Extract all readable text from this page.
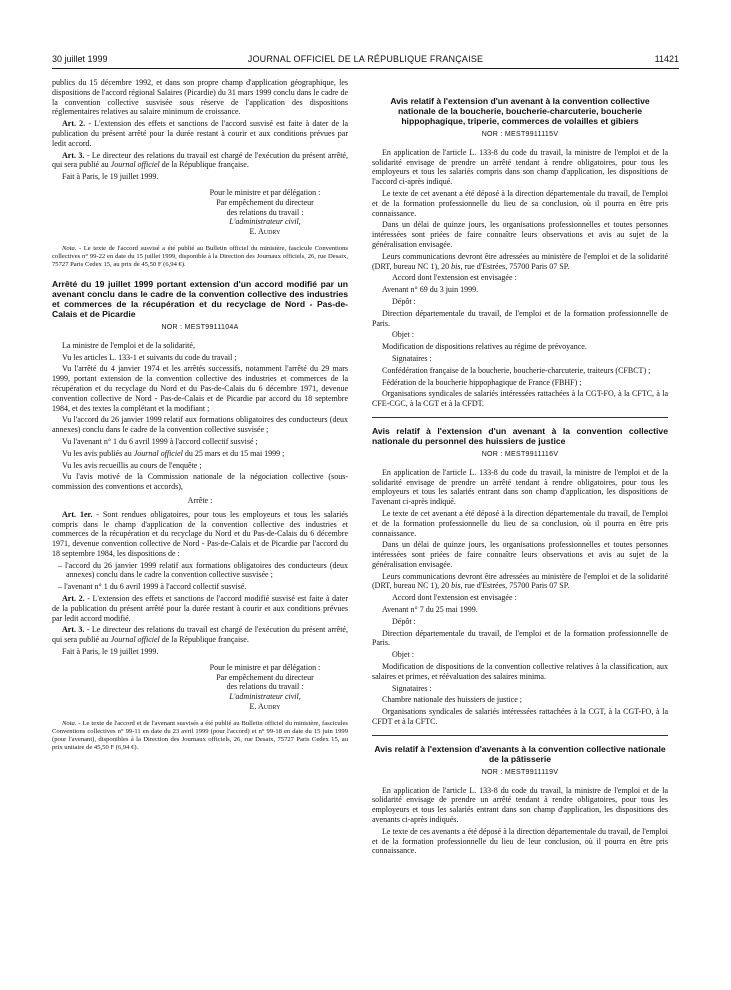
30 juillet 1999	JOURNAL OFFICIEL DE LA RÉPUBLIQUE FRANÇAISE	11421

publics du 15 décembre 1992, et dans son propre champ d'application géographique, les dispositions de l'accord régional Salaires (Picardie) du 31 mars 1999 conclu dans le cadre de la convention collective susvisée sous réserve de l'application des dispositions réglementaires relatives au salaire minimum de croissance.

Art. 2. - L'extension des effets et sanctions de l'accord susvisé est faite à dater de la publication du présent arrêté pour la durée restant à courir et aux conditions prévues par ledit accord.

Art. 3. - Le directeur des relations du travail est chargé de l'exécution du présent arrêté, qui sera publié au Journal officiel de la République française.

Fait à Paris, le 19 juillet 1999.

Pour le ministre et par délégation :

Par empêchement du directeur

des relations du travail :

L'administrateur civil,

E. Audry

Nota. - Le texte de l'accord susvisé a été publié au Bulletin officiel du ministère, fascicule Conventions collectives n° 99-22 en date du 15 juillet 1999, disponible à la Direction des Journaux officiels, 26, rue Desaix, 75727 Paris Cedex 15, au prix de 45,50 F (6,94 €).
Arrêté du 19 juillet 1999 portant extension d'un accord modifié par un avenant conclu dans le cadre de la convention collective des industries et commerces de la récupération et du recyclage de Nord - Pas-de-Calais et de Picardie
NOR : MESТ9911104A

La ministre de l'emploi et de la solidarité,

Vu les articles L. 133-1 et suivants du code du travail ;

Vu l'arrêté du 4 janvier 1974 et les arrêtés successifs, notamment l'arrêté du 29 mars 1999, portant extension de la convention collective des industries et commerces de la récupération et du recyclage du Nord et du Pas-de-Calais du 6 décembre 1971, devenue convention collective de Nord - Pas-de-Calais et de Picardie par accord du 18 septembre 1984, et des textes la complétant et la modifiant ;

Vu l'accord du 26 janvier 1999 relatif aux formations obligatoires des conducteurs (deux annexes) conclu dans le cadre de la convention collective susvisée ;

Vu l'avenant n° 1 du 6 avril 1999 à l'accord collectif susvisé ;

Vu les avis publiés au Journal officiel du 25 mars et du 15 mai 1999 ;

Vu les avis recueillis au cours de l'enquête ;

Vu l'avis motivé de la Commission nationale de la négociation collective (sous-commission des conventions et accords),

Arrête :

Art. 1er. - Sont rendues obligatoires, pour tous les employeurs et tous les salariés compris dans le champ d'application de la convention collective des industries et commerces de la récupération et du recyclage du Nord et du Pas-de-Calais du 6 décembre 1971, devenue convention collective de Nord - Pas-de-Calais et de Picardie par l'accord du 18 septembre 1984, les dispositions de :

– l'accord du 26 janvier 1999 relatif aux formations obligatoires des conducteurs (deux annexes) conclu dans le cadre la convention collective susvisée ;

– l'avenant n° 1 du 6 avril 1999 à l'accord collectif susvisé.

Art. 2. - L'extension des effets et sanctions de l'accord modifié susvisé est faite à dater de la publication du présent arrêté pour la durée restant à courir et aux conditions prévues par ledit accord modifié.

Art. 3. - Le directeur des relations du travail est chargé de l'exécution du présent arrêté, qui sera publié au Journal officiel de la République française.

Fait à Paris, le 19 juillet 1999.

Pour le ministre et par délégation :

Par empêchement du directeur

des relations du travail :

L'administrateur civil,

E. Audry

Nota. - Le texte de l'accord et de l'avenant susvisés a été publié au Bulletin officiel du ministère, fascicules Conventions collectives n° 99-11 en date du 23 avril 1999 (pour l'accord) et n° 99-18 en date du 15 juin 1999 (pour l'avenant), disponibles à la Direction des Journaux officiels, 26, rue Desaix, 75727 Paris Cedex 15, au prix unitaire de 45,50 F (6,94 €).
Avis relatif à l'extension d'un avenant à la convention collective nationale de la boucherie, boucherie-charcuterie, boucherie hippophagique, triperie, commerces de volailles et gibiers
NOR : MESТ9911115V

En application de l'article L. 133-8 du code du travail, la ministre de l'emploi et de la solidarité envisage de prendre un arrêté tendant à rendre obligatoires, pour tous les employeurs et tous les salariés compris dans son champ d'application, les dispositions de l'accord ci-après indiqué.

Le texte de cet avenant a été déposé à la direction départementale du travail, de l'emploi et de la formation professionnelle du lieu de sa conclusion, où il pourra en être pris connaissance.

Dans un délai de quinze jours, les organisations professionnelles et toutes personnes intéressées sont priées de faire connaître leurs observations et avis au sujet de la généralisation envisagée.

Leurs communications devront être adressées au ministère de l'emploi et de la solidarité (DRT, bureau NC 1), 20 bis, rue d'Estrées, 75700 Paris 07 SP.

Accord dont l'extension est envisagée :

Avenant n° 69 du 3 juin 1999.

Dépôt :

Direction départementale du travail, de l'emploi et de la formation professionnelle de Paris.

Objet :

Modification de dispositions relatives au régime de prévoyance.

Signataires :

Confédération française de la boucherie, boucherie-charcuterie, traiteurs (CFBCT) ;

Fédération de la boucherie hippophagique de France (FBHF) ;

Organisations syndicales de salariés intéressées rattachées à la CGT-FO, à la CFTC, à la CFE-CGC, à la CGT et à la CFDT.

Avis relatif à l'extension d'un avenant à la convention collective nationale du personnel des huissiers de justice
NOR : MESТ9911116V

En application de l'article L. 133-8 du code du travail, la ministre de l'emploi et de la solidarité envisage de prendre un arrêté tendant à rendre obligatoires, pour tous les employeurs et tous les salariés entrant dans son champ d'application, les dispositions de l'avenant ci-après indiqué.

Le texte de cet avenant a été déposé à la direction départementale du travail, de l'emploi et de la formation professionnelle du lieu de sa conclusion, où il pourra en être pris connaissance.

Dans un délai de quinze jours, les organisations professionnelles et toutes personnes intéressées sont priées de faire connaître leurs observations et avis au sujet de la généralisation envisagée.

Leurs communications devront être adressées au ministère de l'emploi et de la solidarité (DRT, bureau NC 1), 20 bis, rue d'Estrées, 75700 Paris 07 SP.

Accord dont l'extension est envisagée :

Avenant n° 7 du 25 mai 1999.

Dépôt :

Direction départementale du travail, de l'emploi et de la formation professionnelle de Paris.

Objet :

Modification de dispositions de la convention collective relatives à la classification, aux salaires et primes, et réévaluation des salaires minima.

Signataires :

Chambre nationale des huissiers de justice ;

Organisations syndicales de salariés intéressées rattachées à la CGT, à la CGT-FO, à la CFDT et à la CFTC.

Avis relatif à l'extension d'avenants à la convention collective nationale de la pâtisserie
NOR : MESТ9911119V

En application de l'article L. 133-8 du code du travail, la ministre de l'emploi et de la solidarité envisage de prendre un arrêté tendant à rendre obligatoires, pour tous les employeurs et tous les salariés entrant dans son champ d'application, les dispositions des avenants ci-après indiqués.

Le texte de ces avenants a été déposé à la direction départementale du travail, de l'emploi et de la formation professionnelle du lieu de leur conclusion, où il pourra en être pris connaissance.
